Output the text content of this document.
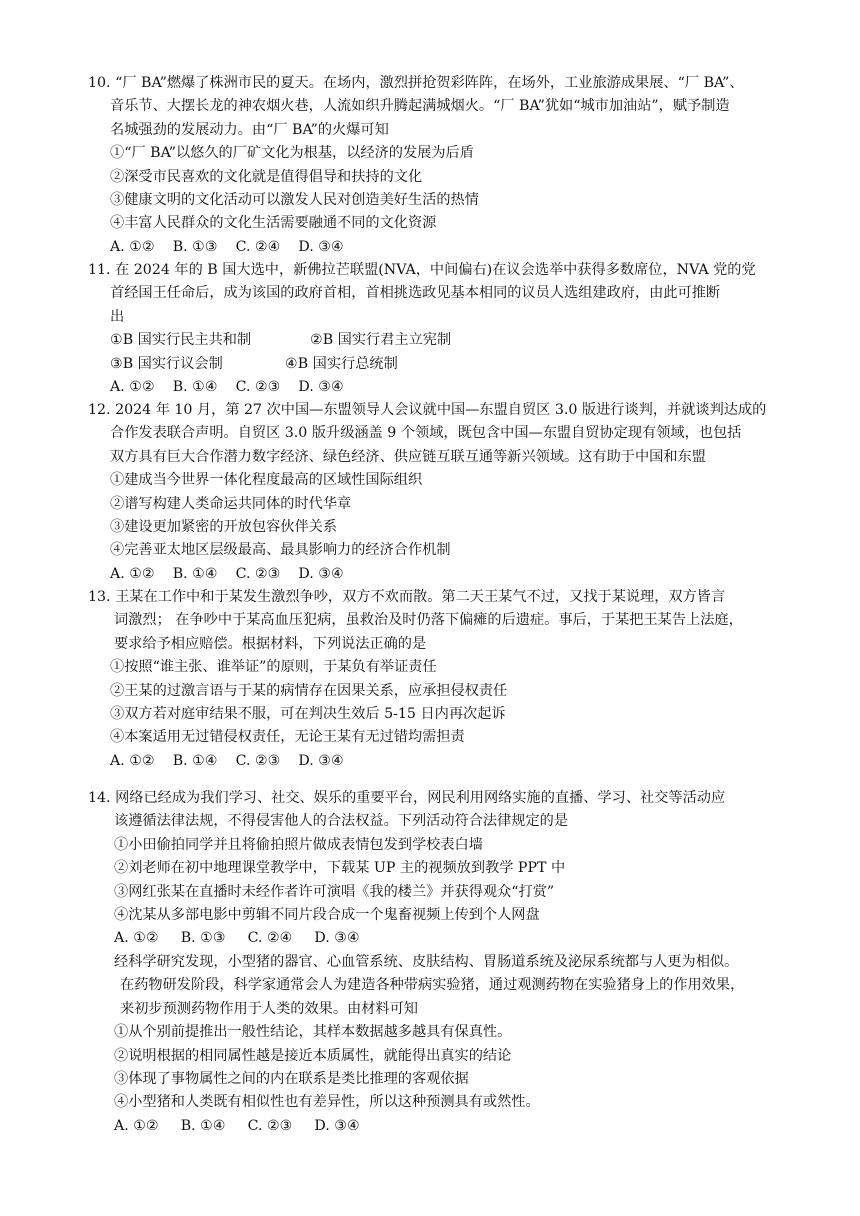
10. “厂 BA”燃爆了株洲市民的夏天。在场内，激烈拼抢贺彩阵阵，在场外，工业旅游成果展、“厂 BA”、
音乐节、大摆长龙的神农烟火巷，人流如织升腾起满城烟火。“厂 BA”犹如“城市加油站”，赋予制造
名城强劲的发展动力。由“厂 BA”的火爆可知
①“厂 BA”以悠久的厂矿文化为根基，以经济的发展为后盾
②深受市民喜欢的文化就是值得倡导和扶持的文化
③健康文明的文化活动可以激发人民对创造美好生活的热情
④丰富人民群众的文化生活需要融通不同的文化资源
A. ①② B. ①③ C. ②④ D. ③④
11. 在 2024 年的 B 国大选中，新佛拉芒联盟(NVA，中间偏右)在议会选举中获得多数席位，NVA 党的党
首经国王任命后，成为该国的政府首相，首相挑选政见基本相同的议员人选组建政府，由此可推断
出
①B 国实行民主共和制	②B 国实行君主立宪制
③B 国实行议会制	④B 国实行总统制
A. ①② B. ①④ C. ②③ D. ③④
12. 2024 年 10 月，第 27 次中国—东盟领导人会议就中国—东盟自贸区 3.0 版进行谈判，并就谈判达成的
合作发表联合声明。自贸区 3.0 版升级涵盖 9 个领域，既包含中国—东盟自贸协定现有领域，也包括
双方具有巨大合作潜力数字经济、绿色经济、供应链互联互通等新兴领域。这有助于中国和东盟
①建成当今世界一体化程度最高的区域性国际组织
②谱写构建人类命运共同体的时代华章
③建设更加紧密的开放包容伙伴关系
④完善亚太地区层级最高、最具影响力的经济合作机制
A. ①② B. ①④ C. ②③ D. ③④
13. 王某在工作中和于某发生激烈争吵，双方不欢而散。第二天王某气不过，又找于某说理，双方皆言
词激烈； 在争吵中于某高血压犯病，虽救治及时仍落下偏瘫的后遗症。事后，于某把王某告上法庭，
要求给予相应赔偿。根据材料，下列说法正确的是
①按照“谁主张、谁举证”的原则，于某负有举证责任
②王某的过激言语与于某的病情存在因果关系，应承担侵权责任
③双方若对庭审结果不服，可在判决生效后 5-15 日内再次起诉
④本案适用无过错侵权责任，无论王某有无过错均需担责
A. ①② B. ①④ C. ②③ D. ③④
14. 网络已经成为我们学习、社交、娱乐的重要平台，网民利用网络实施的直播、学习、社交等活动应
该遵循法律法规，不得侵害他人的合法权益。下列活动符合法律规定的是
①小田偷拍同学并且将偷拍照片做成表情包发到学校表白墙
②刘老师在初中地理课堂教学中，下载某 UP 主的视频放到教学 PPT 中
③网红张某在直播时未经作者许可演唱《我的楼兰》并获得观众“打赏”
④沈某从多部电影中剪辑不同片段合成一个鬼畜视频上传到个人网盘
A. ①② B. ①③ C. ②④ D. ③④
经科学研究发现，小型猪的器官、心血管系统、皮肤结构、胃肠道系统及泌尿系统都与人更为相似。
在药物研发阶段，科学家通常会人为建造各种带病实验猪，通过观测药物在实验猪身上的作用效果，
来初步预测药物作用于人类的效果。由材料可知
①从个别前提推出一般性结论，其样本数据越多越具有保真性。
②说明根据的相同属性越是接近本质属性，就能得出真实的结论
③体现了事物属性之间的内在联系是类比推理的客观依据
④小型猪和人类既有相似性也有差异性，所以这种预测具有或然性。
A. ①② B. ①④ C. ②③ D. ③④
